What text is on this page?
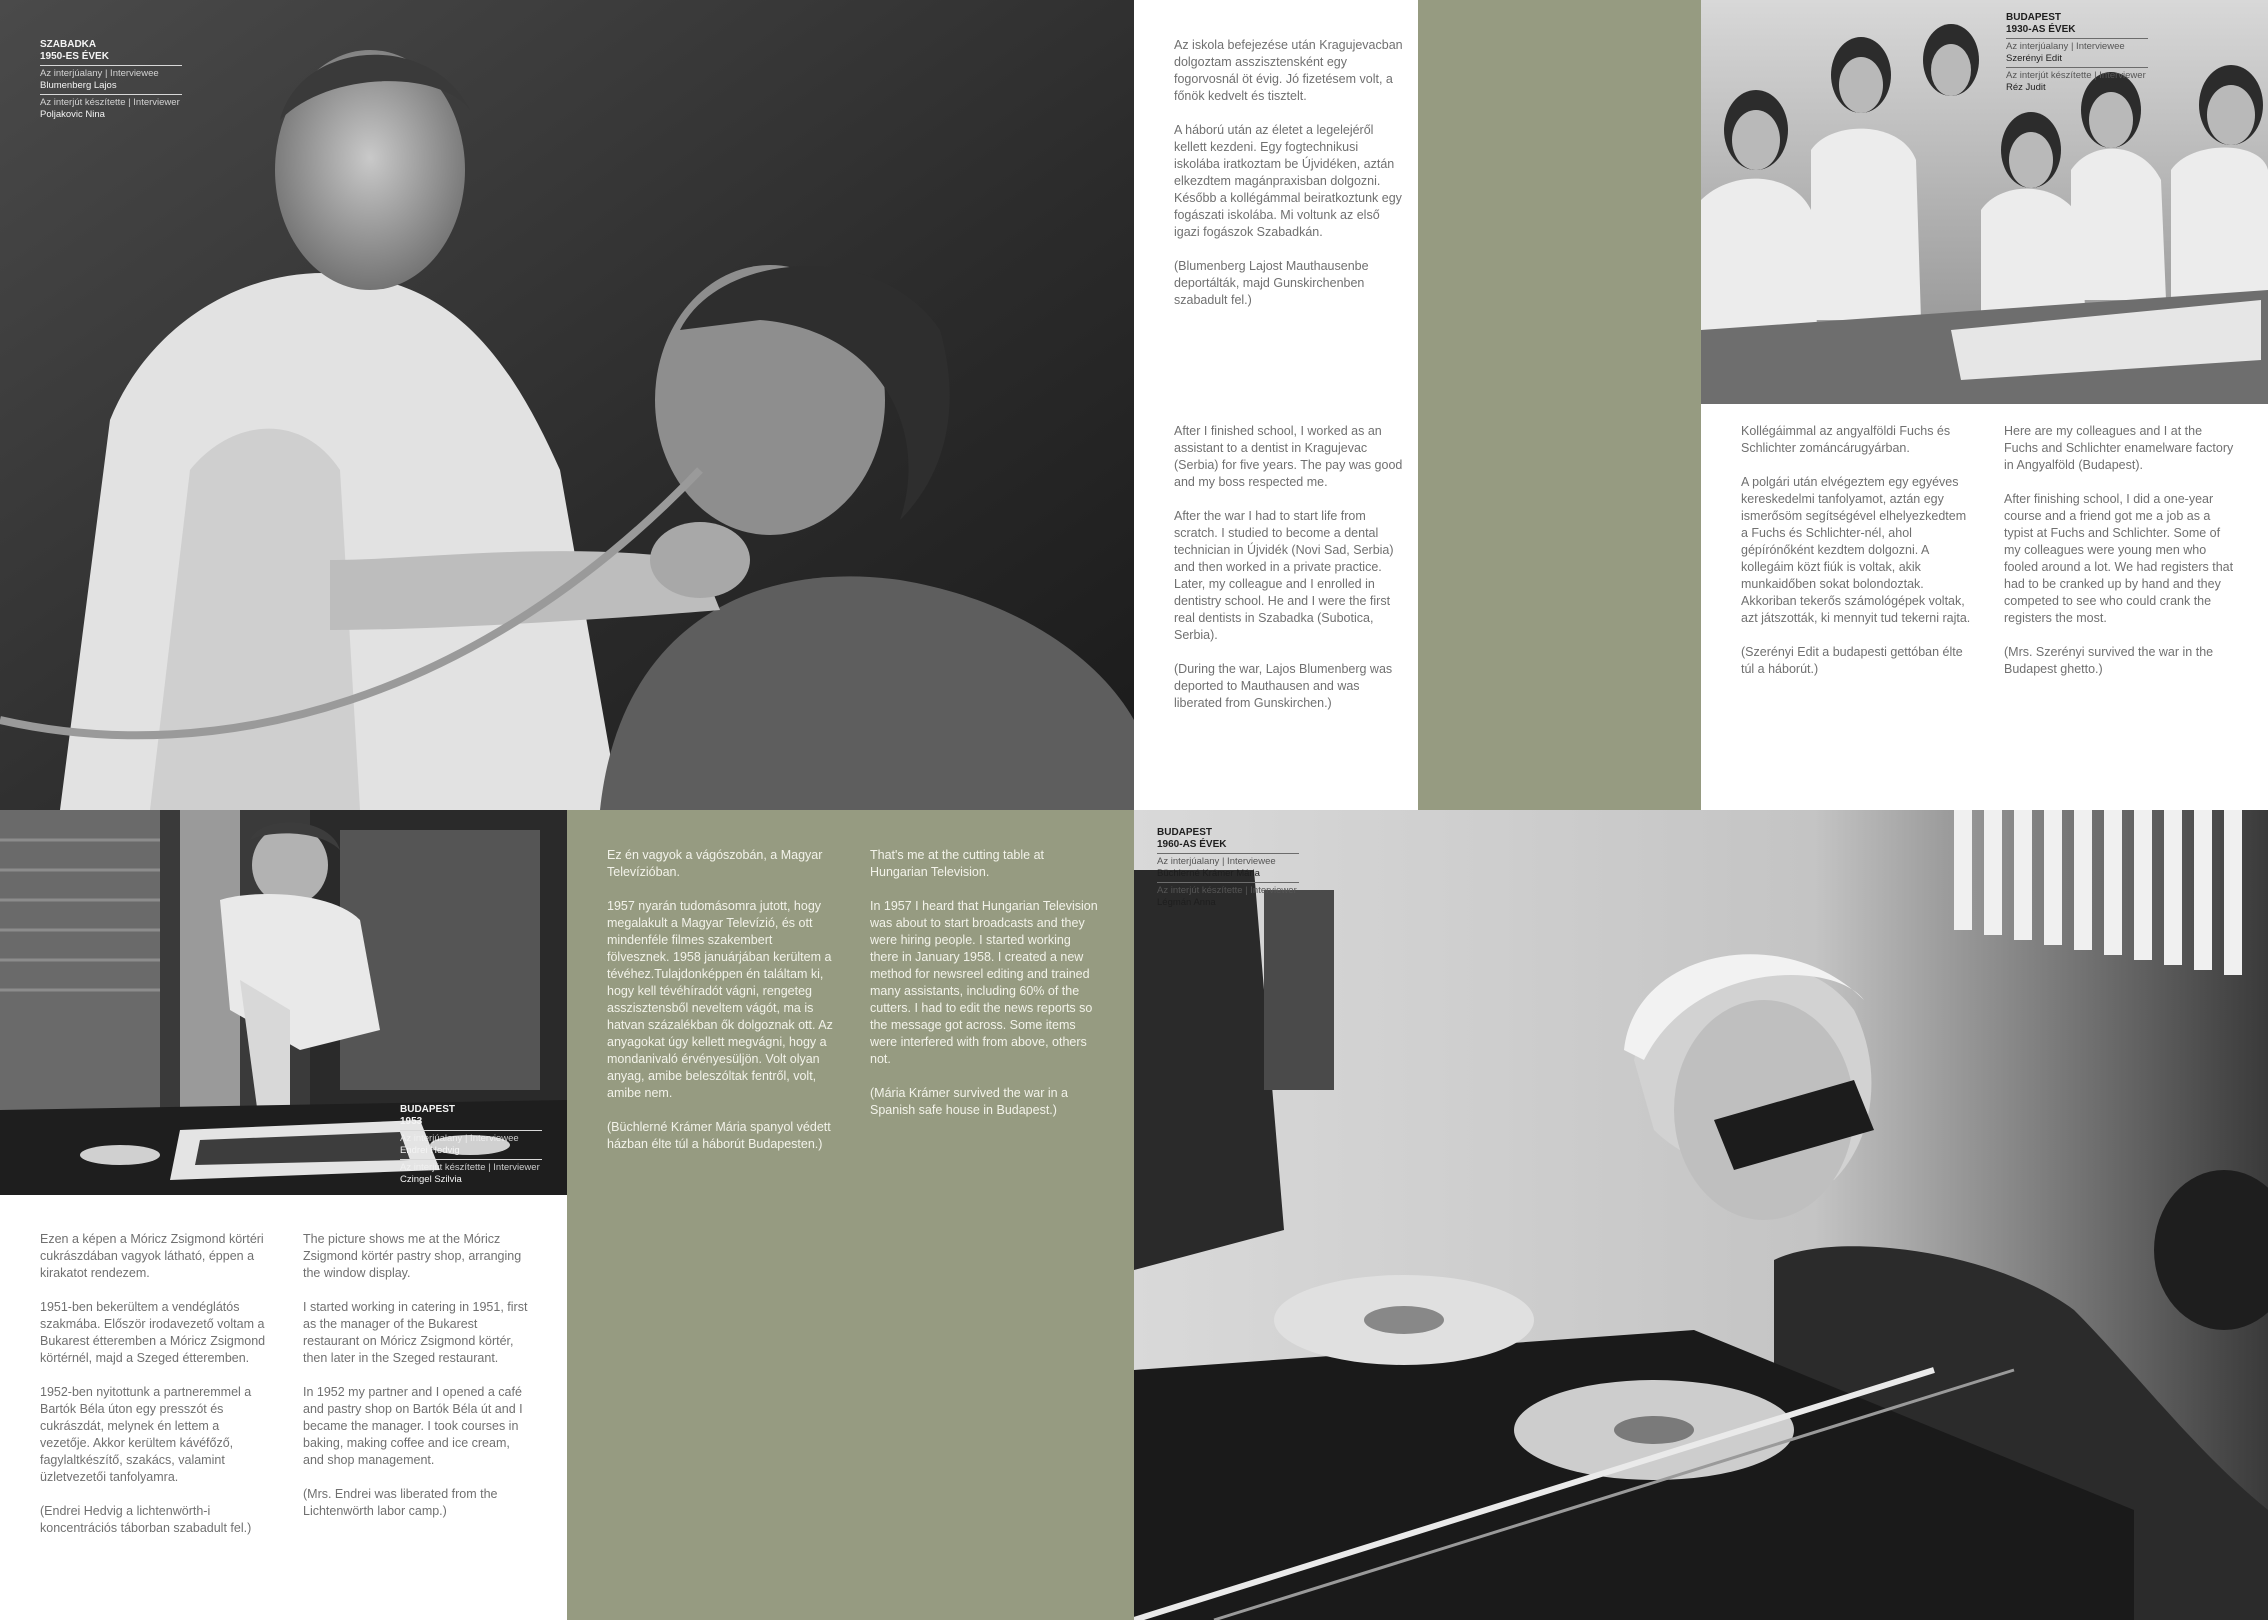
SZABADKA
1950-ES ÉVEK
Az interjúalany | Interviewee
Blumenberg Lajos
Az interjút készítette | Interviewer
Poljakovic Nina

Az iskola befejezése után Kragujevacban dolgoztam asszisztensként egy fogorvosnál öt évig. Jó fizetésem volt, a főnök kedvelt és tisztelt.

A háború után az életet a legelejéről kellett kezdeni. Egy fogtechnikusi iskolába iratkoztam be Újvidéken, aztán elkezdtem magánpraxisban dolgozni. Később a kollégámmal beiratkoztunk egy fogászati iskolába. Mi voltunk az első igazi fogászok Szabadkán.

(Blumenberg Lajost Mauthausenbe deportálták, majd Gunskirchenben szabadult fel.)

After I finished school, I worked as an assistant to a dentist in Kragujevac (Serbia) for five years. The pay was good and my boss respected me.

After the war I had to start life from scratch. I studied to become a dental technician in Újvidék (Novi Sad, Serbia) and then worked in a private practice. Later, my colleague and I enrolled in dentistry school. He and I were the first real dentists in Szabadka (Subotica, Serbia).

(During the war, Lajos Blumenberg was deported to Mauthausen and was liberated from Gunskirchen.)

BUDAPEST
1930-AS ÉVEK
Az interjúalany | Interviewee
Szerényi Edit
Az interjút készítette | Interviewer
Réz Judit

Kollégáimmal az angyalföldi Fuchs és Schlichter zománcárugyárban.

A polgári után elvégeztem egy egyéves kereskedelmi tanfolyamot, aztán egy ismerősöm segítségével elhelyezkedtem a Fuchs és Schlichter-nél, ahol gépírónőként kezdtem dolgozni. A kollegáim közt fiúk is voltak, akik munkaidőben sokat bolondoztak. Akkoriban tekerős számológépek voltak, azt játszották, ki mennyit tud tekerni rajta.

(Szerényi Edit a budapesti gettóban élte túl a háborút.)

Here are my colleagues and I at the Fuchs and Schlichter enamelware factory in Angyalföld (Budapest).

After finishing school, I did a one-year course and a friend got me a job as a typist at Fuchs and Schlichter. Some of my colleagues were young men who fooled around a lot. We had registers that had to be cranked up by hand and they competed to see who could crank the registers the most.

(Mrs. Szerényi survived the war in the Budapest ghetto.)

BUDAPEST
1953
Az interjúalany | Interviewee
Endrei Hedvig
Az interjút készítette | Interviewer
Czingel Szilvia

Ezen a képen a Móricz Zsigmond körtéri cukrászdában vagyok látható, éppen a kirakatot rendezem.

1951-ben bekerültem a vendéglátós szakmába. Először irodavezető voltam a Bukarest étteremben a Móricz Zsigmond körtérnél, majd a Szeged étteremben.

1952-ben nyitottunk a partneremmel a Bartók Béla úton egy presszót és cukrászdát, melynek én lettem a vezetője. Akkor kerültem kávéfőző, fagylaltkészítő, szakács, valamint üzletvezetői tanfolyamra.

(Endrei Hedvig a lichtenwörth-i koncentrációs táborban szabadult fel.)

The picture shows me at the Móricz Zsigmond körtér pastry shop, arranging the window display.

I started working in catering in 1951, first as the manager of the Bukarest restaurant on Móricz Zsigmond körtér, then later in the Szeged restaurant.

In 1952 my partner and I opened a café and pastry shop on Bartók Béla út and I became the manager. I took courses in baking, making coffee and ice cream, and shop management.

(Mrs. Endrei was liberated from the Lichtenwörth labor camp.)

Ez én vagyok a vágószobán, a Magyar Televízióban.

1957 nyarán tudomásomra jutott, hogy megalakult a Magyar Televízió, és ott mindenféle filmes szakembert fölvesznek. 1958 januárjában kerültem a tévéhez.Tulajdonképpen én találtam ki, hogy kell tévéhíradót vágni, rengeteg asszisztensből neveltem vágót, ma is hatvan százalékban ők dolgoznak ott. Az anyagokat úgy kellett megvágni, hogy a mondanivaló érvényesüljön. Volt olyan anyag, amibe beleszóltak fentről, volt, amibe nem.

(Büchlerné Krámer Mária spanyol védett házban élte túl a háborút Budapesten.)

That's me at the cutting table at Hungarian Television.

In 1957 I heard that Hungarian Television was about to start broadcasts and they were hiring people. I started working there in January 1958. I created a new method for newsreel editing and trained many assistants, including 60% of the cutters. I had to edit the news reports so the message got across. Some items were interfered with from above, others not.

(Mária Krámer survived the war in a Spanish safe house in Budapest.)

BUDAPEST
1960-AS ÉVEK
Az interjúalany | Interviewee
Büchlerné Krámer Mária
Az interjút készítette | Interviewer
Légmán Anna
